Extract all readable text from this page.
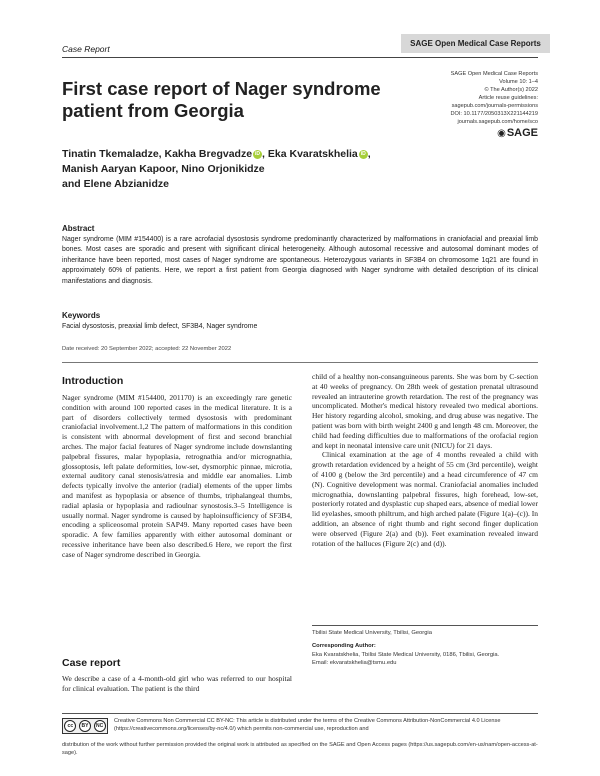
Case Report
SAGE Open Medical Case Reports
First case report of Nager syndrome patient from Georgia
SAGE Open Medical Case Reports
Volume 10: 1–4
© The Author(s) 2022
Article reuse guidelines:
sagepub.com/journals-permissions
DOI: 10.1177/2050313X221144219
journals.sagepub.com/home/sco
◉SAGE
Tinatin Tkemaladze, Kakha Bregvadze iD , Eka Kvaratskhelia iD ,
Manish Aaryan Kapoor, Nino Orjonikidze
and Elene Abzianidze
Abstract
Nager syndrome (MIM #154400) is a rare acrofacial dysostosis syndrome predominantly characterized by malformations in craniofacial and preaxial limb bones. Most cases are sporadic and present with significant clinical heterogeneity. Although autosomal recessive and autosomal dominant modes of inheritance have been reported, most cases of Nager syndrome are spontaneous. Heterozygous variants in SF3B4 on chromosome 1q21 are found in approximately 60% of patients. Here, we report a first patient from Georgia diagnosed with Nager syndrome with detailed description of its clinical manifestations and diagnosis.
Keywords
Facial dysostosis, preaxial limb defect, SF3B4, Nager syndrome
Date received: 20 September 2022; accepted: 22 November 2022
Introduction
Nager syndrome (MIM #154400, 201170) is an exceedingly rare genetic condition with around 100 reported cases in the medical literature. It is a part of disorders collectively termed dysostosis with predominant craniofacial involvement.1,2 The pattern of malformations in this condition is consistent with abnormal development of first and second branchial arches. The major facial features of Nager syndrome include downslanting palpebral fissures, malar hypoplasia, retrognathia and/or micrognathia, glossoptosis, left palate deformities, low-set, dysmorphic pinnae, microtia, external auditory canal stenosis/atresia and middle ear anomalies. Limb defects typically involve the anterior (radial) elements of the upper limbs and manifest as hypoplasia or absence of thumbs, triphalangeal thumbs, radial aplasia or hypoplasia and radioulnar synostosis.3–5 Intelligence is usually normal. Nager syndrome is caused by haploinsufficiency of SF3B4, encoding a spliceosomal protein SAP49. Many reported cases have been sporadic. A few families apparently with either autosomal dominant or recessive inheritance have been also described.6 Here, we report the first case of Nager syndrome described in Georgia.
Case report
We describe a case of a 4-month-old girl who was referred to our hospital for clinical evaluation. The patient is the third

child of a healthy non-consanguineous parents. She was born by C-section at 40 weeks of pregnancy. On 28th week of gestation prenatal ultrasound revealed an intrauterine growth retardation. The rest of the pregnancy was uncomplicated. Mother's medical history revealed two medical abortions. Her history regarding alcohol, smoking, and drug abuse was negative. The patient was born with birth weight 2400 g and length 48 cm. Moreover, the child had feeding difficulties due to malformations of the orofacial region and kept in neonatal intensive care unit (NICU) for 21 days.

Clinical examination at the age of 4 months revealed a child with growth retardation evidenced by a height of 55 cm (3rd percentile), weight of 4100 g (below the 3rd percentile) and a head circumference of 47 cm (N). Cognitive development was normal. Craniofacial anomalies included micrognathia, downslanting palpebral fissures, high forehead, low-set, posteriorly rotated and dysplastic cup shaped ears, absence of medial lower lid eyelashes, smooth philtrum, and high arched palate (Figure 1(a)–(c)). In addition, an absence of right thumb and right second finger duplication were observed (Figure 2(a) and (b)). Feet examination revealed inward rotation of the halluces (Figure 2(c) and (d)).

Tbilisi State Medical University, Tbilisi, Georgia
Corresponding Author:
Eka Kvaratskhelia, Tbilisi State Medical University, 0186, Tbilisi, Georgia.
Email: ekvaratskhelia@tsmu.edu
cc	BY	NC
Creative Commons Non Commercial CC BY-NC: This article is distributed under the terms of the Creative Commons Attribution-NonCommercial 4.0 License (https://creativecommons.org/licenses/by-nc/4.0/) which permits non-commercial use, reproduction and
distribution of the work without further permission provided the original work is attributed as specified on the SAGE and Open Access pages (https://us.sagepub.com/en-us/nam/open-access-at-sage).
